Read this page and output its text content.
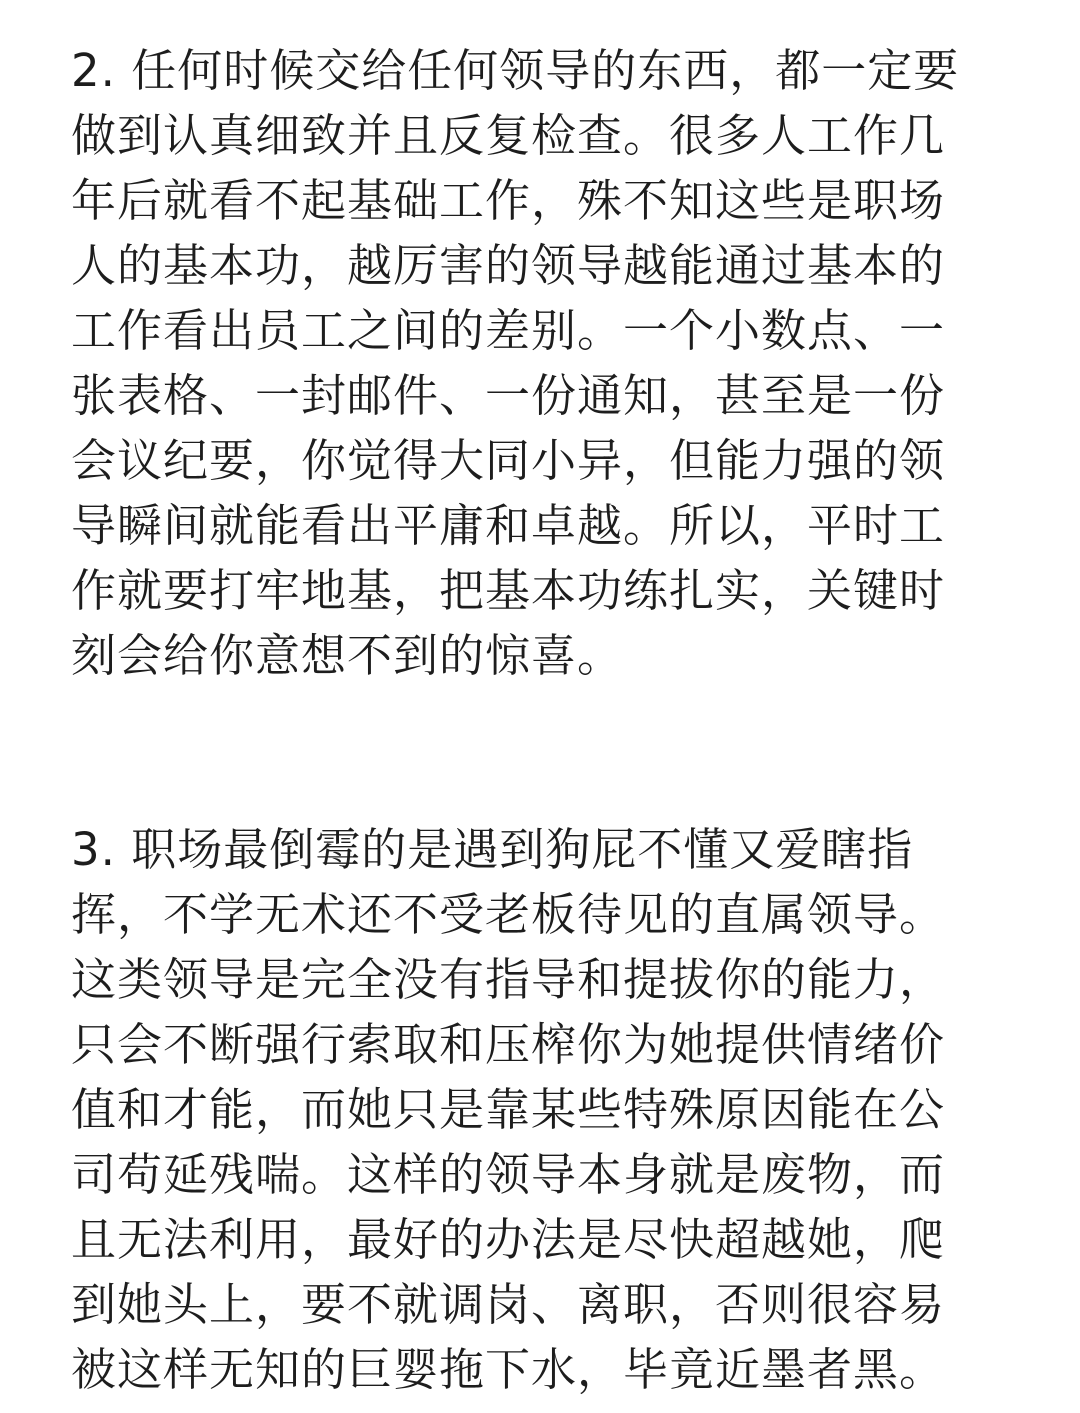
2. 任何时候交给任何领导的东西，都一定要
做到认真细致并且反复检查。很多人工作几
年后就看不起基础工作，殊不知这些是职场
人的基本功，越厉害的领导越能通过基本的
工作看出员工之间的差别。一个小数点、一
张表格、一封邮件、一份通知，甚至是一份
会议纪要，你觉得大同小异，但能力强的领
导瞬间就能看出平庸和卓越。所以，平时工
作就要打牢地基，把基本功练扎实，关键时
刻会给你意想不到的惊喜。
3. 职场最倒霉的是遇到狗屁不懂又爱瞎指
挥，不学无术还不受老板待见的直属领导。
这类领导是完全没有指导和提拔你的能力，
只会不断强行索取和压榨你为她提供情绪价
值和才能，而她只是靠某些特殊原因能在公
司苟延残喘。这样的领导本身就是废物，而
且无法利用，最好的办法是尽快超越她，爬
到她头上，要不就调岗、离职，否则很容易
被这样无知的巨婴拖下水，毕竟近墨者黑。
